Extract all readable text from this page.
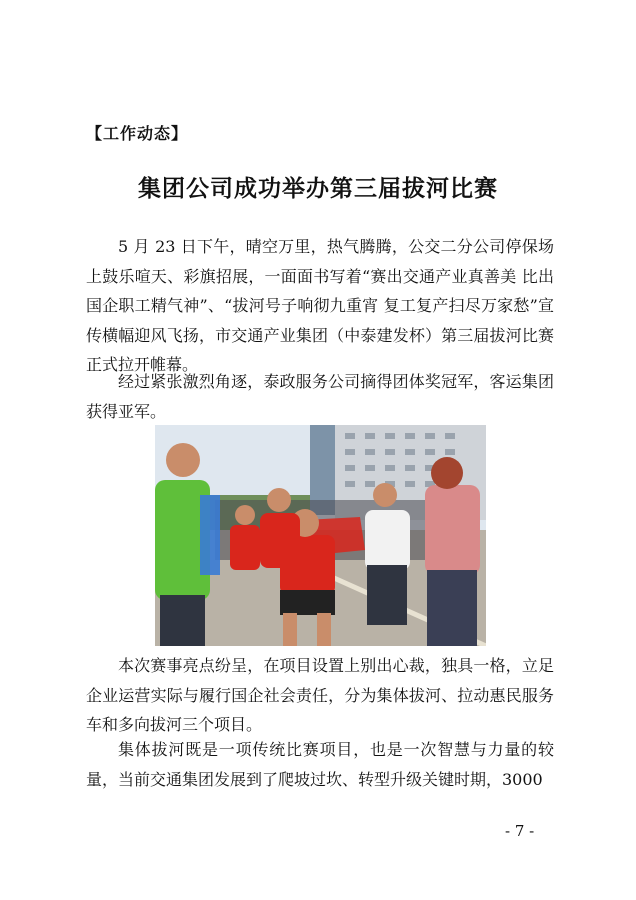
【工作动态】
集团公司成功举办第三届拔河比赛

5 月 23 日下午，晴空万里，热气腾腾，公交二分公司停保场上鼓乐喧天、彩旗招展，一面面书写着“赛出交通产业真善美 比出国企职工精气神”、“拔河号子响彻九重宵 复工复产扫尽万家愁”宣传横幅迎风飞扬，市交通产业集团（中泰建发杯）第三届拔河比赛正式拉开帷幕。

经过紧张激烈角逐，泰政服务公司摘得团体奖冠军，客运集团获得亚军。

本次赛事亮点纷呈，在项目设置上别出心裁，独具一格，立足企业运营实际与履行国企社会责任，分为集体拔河、拉动惠民服务车和多向拔河三个项目。

集体拔河既是一项传统比赛项目，也是一次智慧与力量的较量，当前交通集团发展到了爬坡过坎、转型升级关键时期，3000

- 7 -
